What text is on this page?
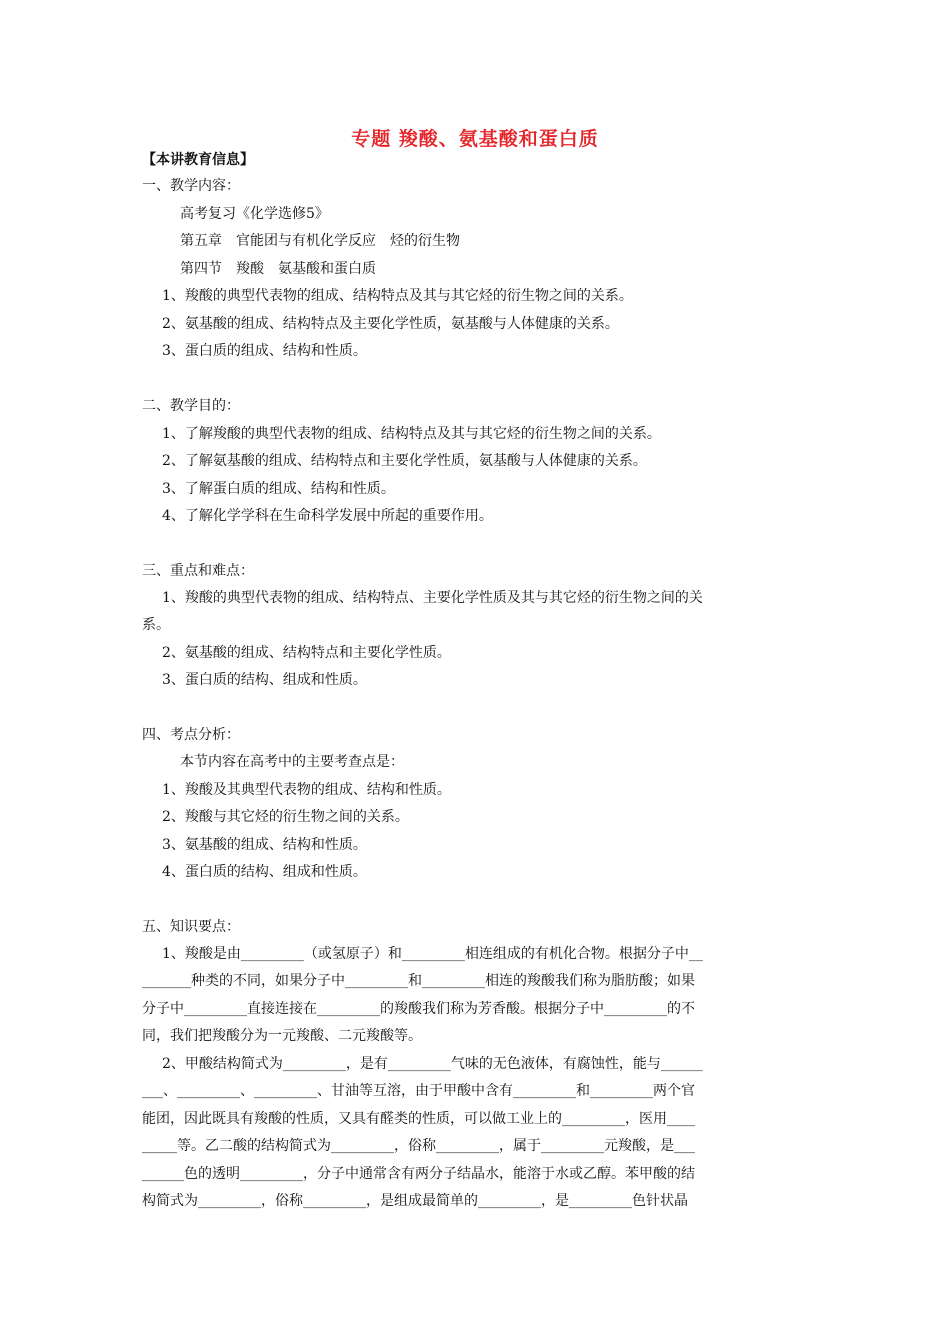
专题 羧酸、氨基酸和蛋白质
【本讲教育信息】

一、教学内容：

高考复习《化学选修5》

第五章　官能团与有机化学反应　烃的衍生物

第四节　羧酸　氨基酸和蛋白质

1、羧酸的典型代表物的组成、结构特点及其与其它烃的衍生物之间的关系。

2、氨基酸的组成、结构特点及主要化学性质，氨基酸与人体健康的关系。

3、蛋白质的组成、结构和性质。

二、教学目的：

1、了解羧酸的典型代表物的组成、结构特点及其与其它烃的衍生物之间的关系。

2、了解氨基酸的组成、结构特点和主要化学性质，氨基酸与人体健康的关系。

3、了解蛋白质的组成、结构和性质。

4、了解化学学科在生命科学发展中所起的重要作用。

三、重点和难点：

1、羧酸的典型代表物的组成、结构特点、主要化学性质及其与其它烃的衍生物之间的关

系。

2、氨基酸的组成、结构特点和主要化学性质。

3、蛋白质的结构、组成和性质。

四、考点分析：

本节内容在高考中的主要考查点是：

1、羧酸及其典型代表物的组成、结构和性质。

2、羧酸与其它烃的衍生物之间的关系。

3、氨基酸的组成、结构和性质。

4、蛋白质的结构、组成和性质。

五、知识要点：

1、羧酸是由_________（或氢原子）和_________相连组成的有机化合物。根据分子中__

_______种类的不同，如果分子中_________和_________相连的羧酸我们称为脂肪酸；如果

分子中_________直接连接在_________的羧酸我们称为芳香酸。根据分子中_________的不

同，我们把羧酸分为一元羧酸、二元羧酸等。

2、甲酸结构简式为_________，是有_________气味的无色液体，有腐蚀性，能与______

___、_________、_________、甘油等互溶，由于甲酸中含有_________和_________两个官

能团，因此既具有羧酸的性质，又具有醛类的性质，可以做工业上的_________，医用____

_____等。乙二酸的结构简式为_________，俗称_________，属于_________元羧酸，是___

______色的透明_________，分子中通常含有两分子结晶水，能溶于水或乙醇。苯甲酸的结

构简式为_________，俗称_________，是组成最简单的_________，是_________色针状晶
